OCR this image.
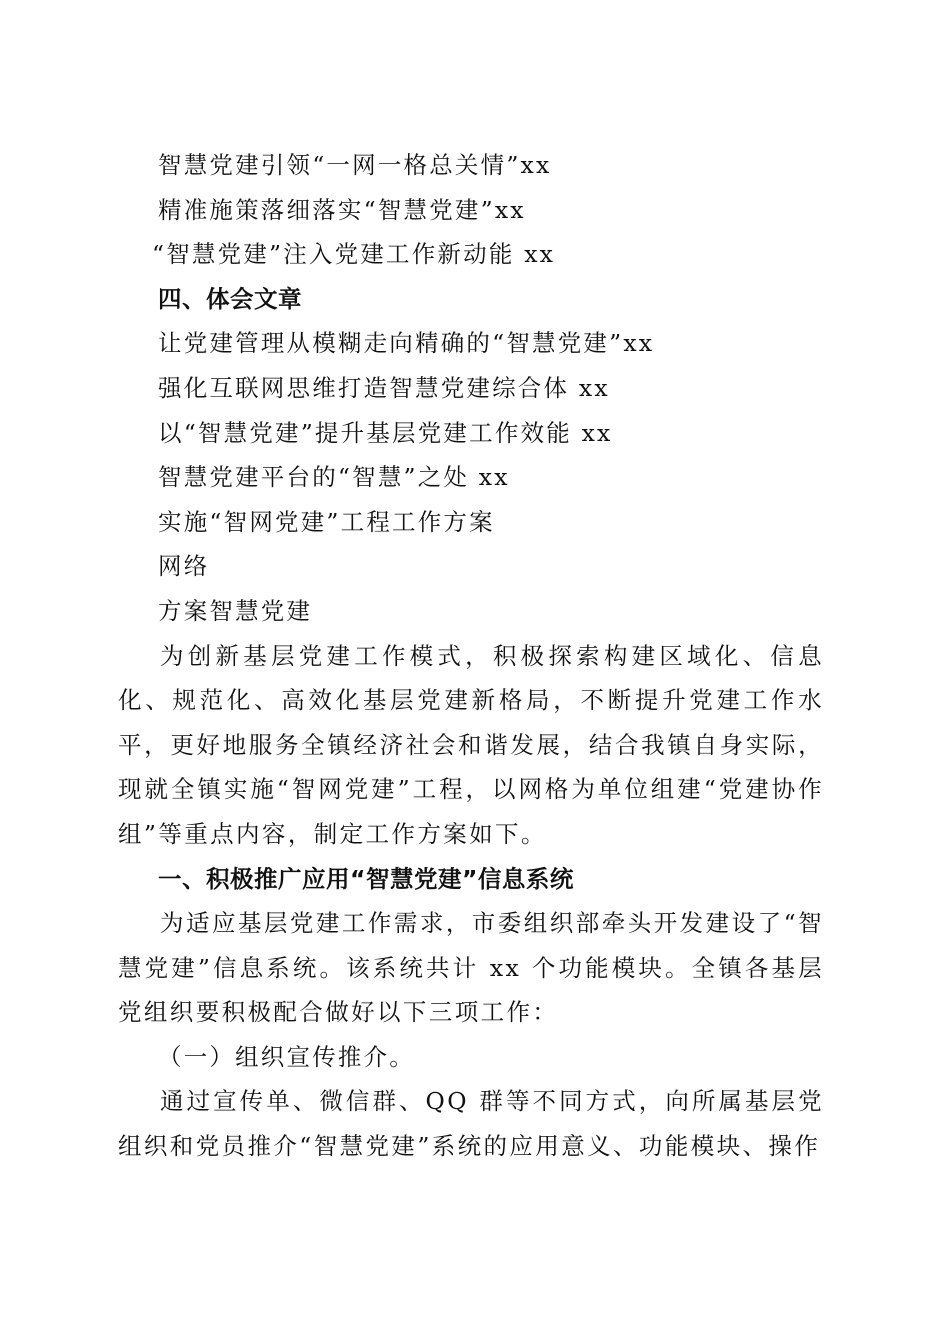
智慧党建引领“一网一格总关情”xx
精准施策落细落实“智慧党建”xx
“智慧党建”注入党建工作新动能 xx
四、体会文章
让党建管理从模糊走向精确的“智慧党建”xx
强化互联网思维打造智慧党建综合体 xx
以“智慧党建”提升基层党建工作效能 xx
智慧党建平台的“智慧”之处 xx
实施“智网党建”工程工作方案
网络
方案智慧党建

为创新基层党建工作模式，积极探索构建区域化、信息化、规范化、高效化基层党建新格局，不断提升党建工作水平，更好地服务全镇经济社会和谐发展，结合我镇自身实际，现就全镇实施“智网党建”工程，以网格为单位组建“党建协作组”等重点内容，制定工作方案如下。

一、积极推广应用“智慧党建”信息系统

为适应基层党建工作需求，市委组织部牵头开发建设了“智慧党建”信息系统。该系统共计 xx 个功能模块。全镇各基层党组织要积极配合做好以下三项工作：

（一）组织宣传推介。

通过宣传单、微信群、QQ 群等不同方式，向所属基层党组织和党员推介“智慧党建”系统的应用意义、功能模块、操作
